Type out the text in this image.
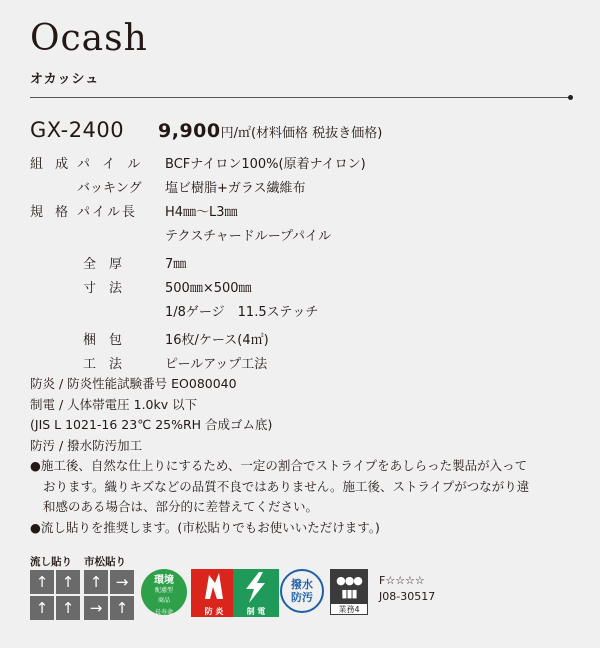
Ocash
オカッシュ
GX-2400 9,900円/㎡(材料価格 税抜き価格)
組 成 パ イ ル BCFナイロン100%(原着ナイロン)
バッキング 塩ビ樹脂+ガラス繊維布
規 格 パイル長 H4㎜〜L3㎜
テクスチャードループパイル
全　厚	7㎜
寸　法	500㎜×500㎜
1/8ゲージ　11.5ステッチ
梱　包	16枚/ケース(4㎡)
工　法	ピールアップ工法
防炎 / 防炎性能試験番号 EO080040
制電 / 人体帯電圧 1.0kv 以下
(JIS L 1021-16 23℃ 25%RH 合成ゴム底)
防汚 / 撥水防汚加工
●施工後、自然な仕上りにするため、一定の割合でストライプをあしらった製品が入って
おります。織りキズなどの品質不良ではありません。施工後、ストライプがつながり違
和感のある場合は、部分的に差替えてください。
●流し貼りを推奨します。(市松貼りでもお使いいただけます。)
流し貼り 市松貼り
↑ ↑
↑ ↑
↑ →
→ ↑
環境
配慮型
商品
長寿命	防 炎	制 電
撥水
防汚
●●●
▮▮▮
業務4
F☆☆☆☆
J08-30517
